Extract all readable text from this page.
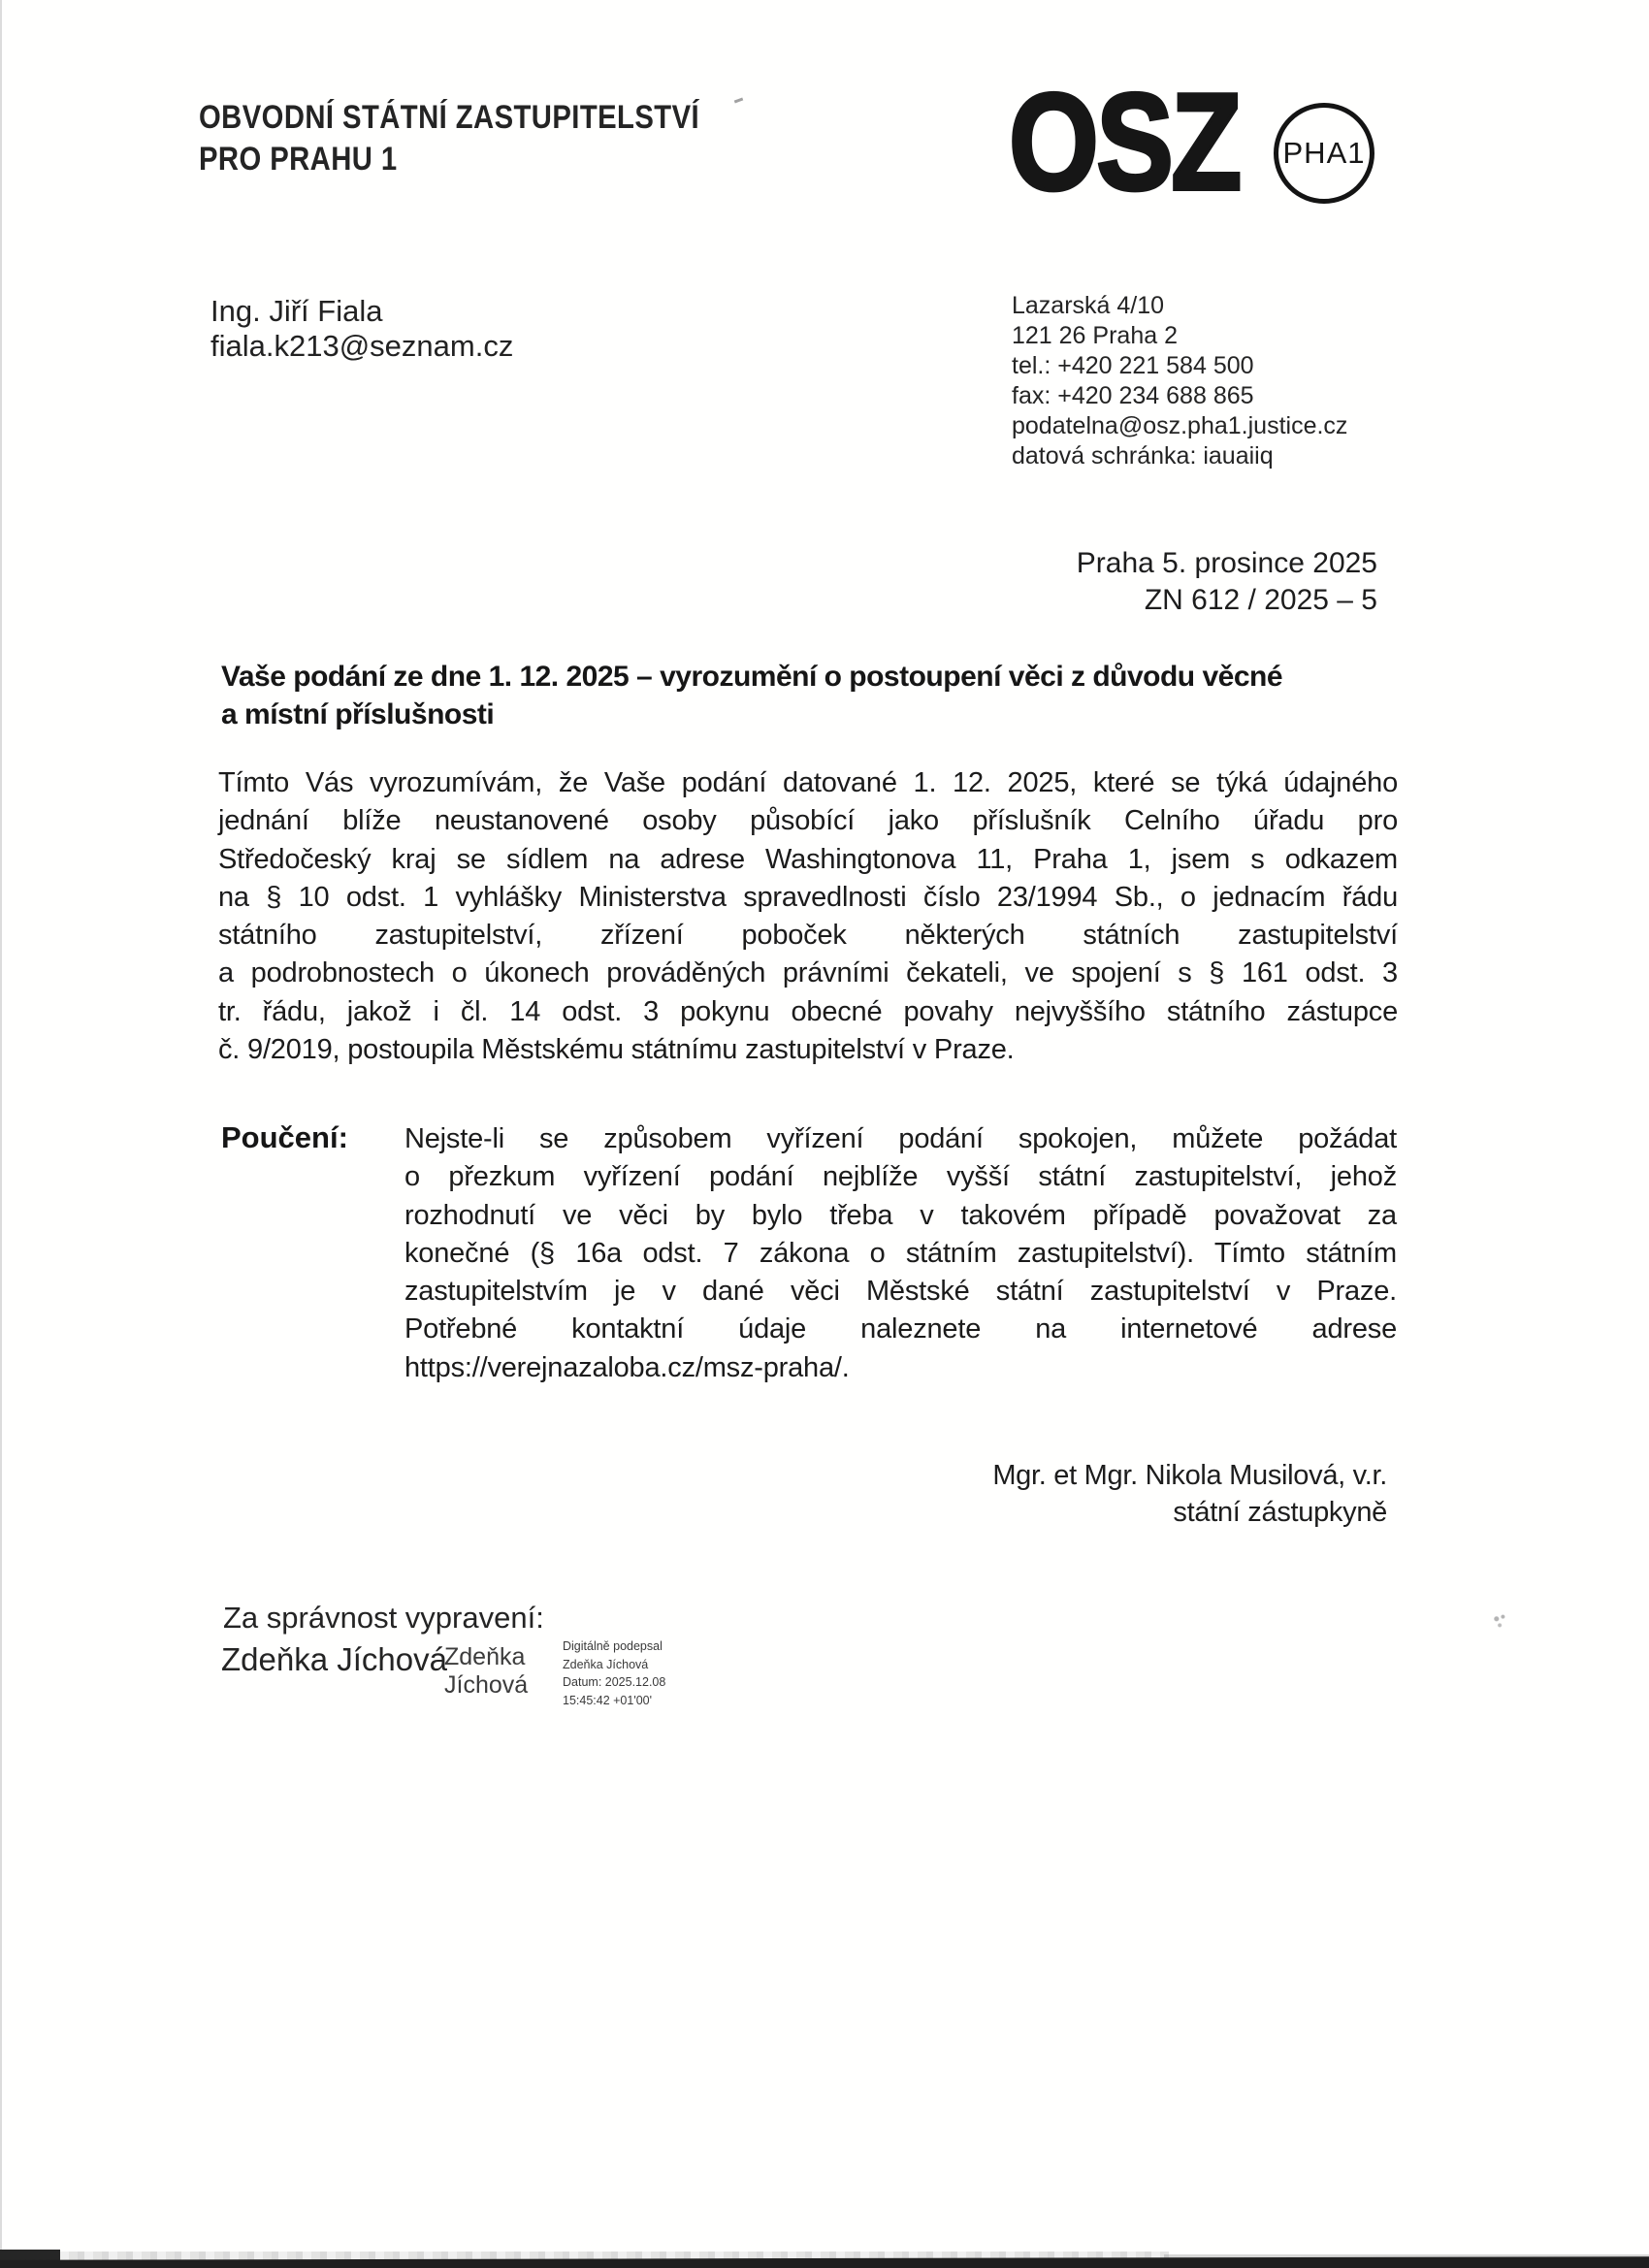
OBVODNÍ STÁTNÍ ZASTUPITELSTVÍ
PRO PRAHU 1	OSZ	PHA1
Ing. Jiří Fiala
fiala.k213@seznam.cz
Lazarská 4/10
121 26 Praha 2
tel.: +420 221 584 500
fax: +420 234 688 865
podatelna@osz.pha1.justice.cz
datová schránka: iauaiiq
Praha 5. prosince 2025
ZN 612 / 2025 – 5
Vaše podání ze dne 1. 12. 2025 – vyrozumění o postoupení věci z důvodu věcné
a místní příslušnosti
Tímto Vás vyrozumívám, že Vaše podání datované 1. 12. 2025, které se týká údajného
jednání blíže neustanovené osoby působící jako příslušník Celního úřadu pro
Středočeský kraj se sídlem na adrese Washingtonova 11, Praha 1, jsem s odkazem
na § 10 odst. 1 vyhlášky Ministerstva spravedlnosti číslo 23/1994 Sb., o jednacím řádu
státního zastupitelství, zřízení poboček některých státních zastupitelství
a podrobnostech o úkonech prováděných právními čekateli, ve spojení s § 161 odst. 3
tr. řádu, jakož i čl. 14 odst. 3 pokynu obecné povahy nejvyššího státního zástupce
č. 9/2019, postoupila Městskému státnímu zastupitelství v Praze.
Poučení: Nejste-li se způsobem vyřízení podání spokojen, můžete požádat
o přezkum vyřízení podání nejblíže vyšší státní zastupitelství, jehož
rozhodnutí ve věci by bylo třeba v takovém případě považovat za
konečné (§ 16a odst. 7 zákona o státním zastupitelství). Tímto státním
zastupitelstvím je v dané věci Městské státní zastupitelství v Praze.
Potřebné kontaktní údaje naleznete na internetové adrese
https://verejnazaloba.cz/msz-praha/.
Mgr. et Mgr. Nikola Musilová, v.r.
státní zástupkyně
Za správnost vypravení:
Zdeňka Jíchová
Zdeňka Jíchová
Digitálně podepsal
Zdeňka Jíchová
Datum: 2025.12.08
15:45:42 +01'00'
